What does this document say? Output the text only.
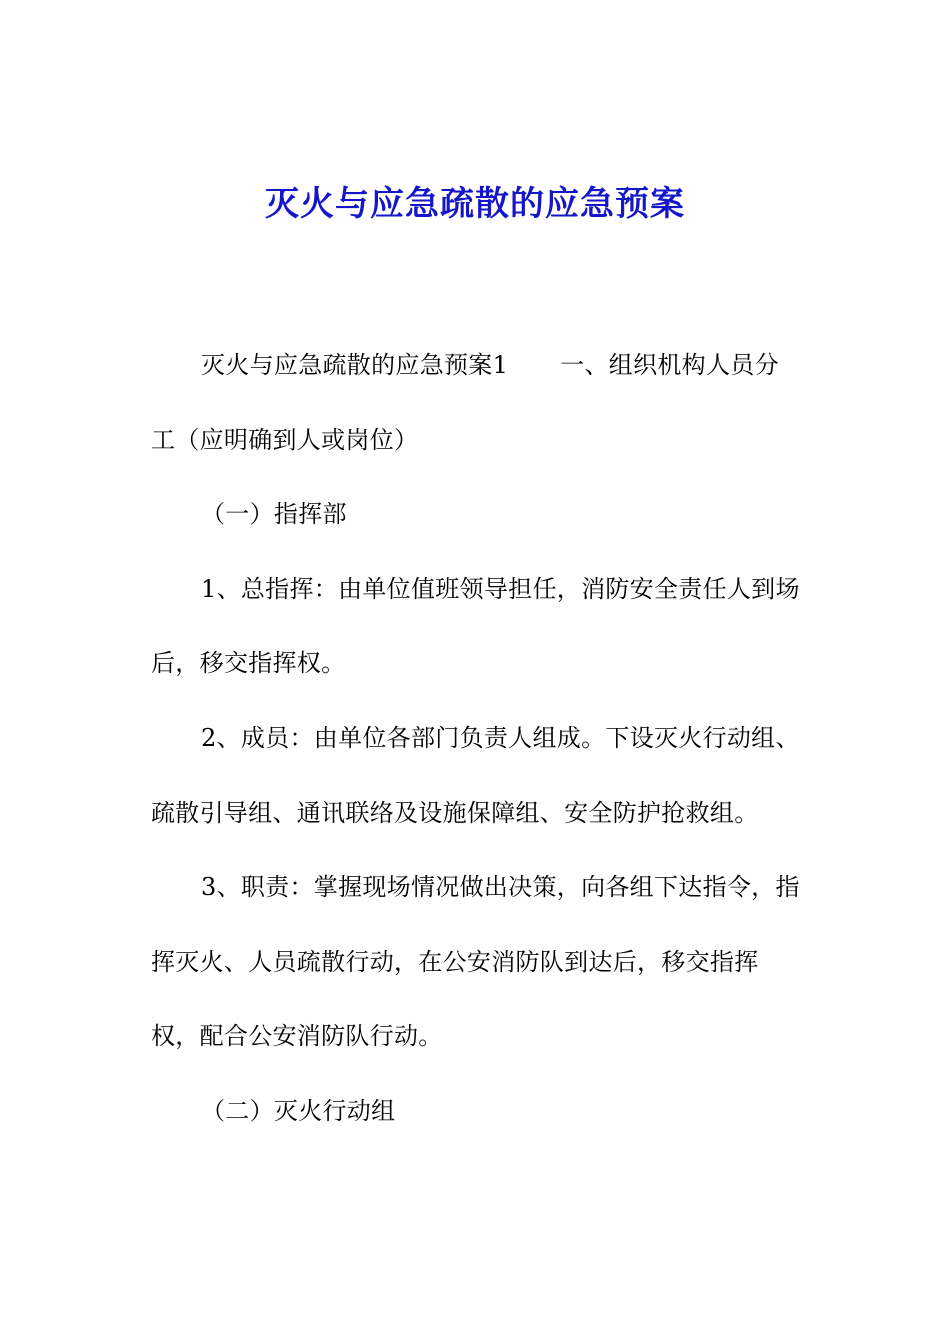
灭火与应急疏散的应急预案

灭火与应急疏散的应急预案1 一、组织机构人员分工（应明确到人或岗位）

（一）指挥部

1、总指挥：由单位值班领导担任，消防安全责任人到场后，移交指挥权。

2、成员：由单位各部门负责人组成。下设灭火行动组、疏散引导组、通讯联络及设施保障组、安全防护抢救组。

3、职责：掌握现场情况做出决策，向各组下达指令，指挥灭火、人员疏散行动，在公安消防队到达后，移交指挥权，配合公安消防队行动。

（二）灭火行动组
